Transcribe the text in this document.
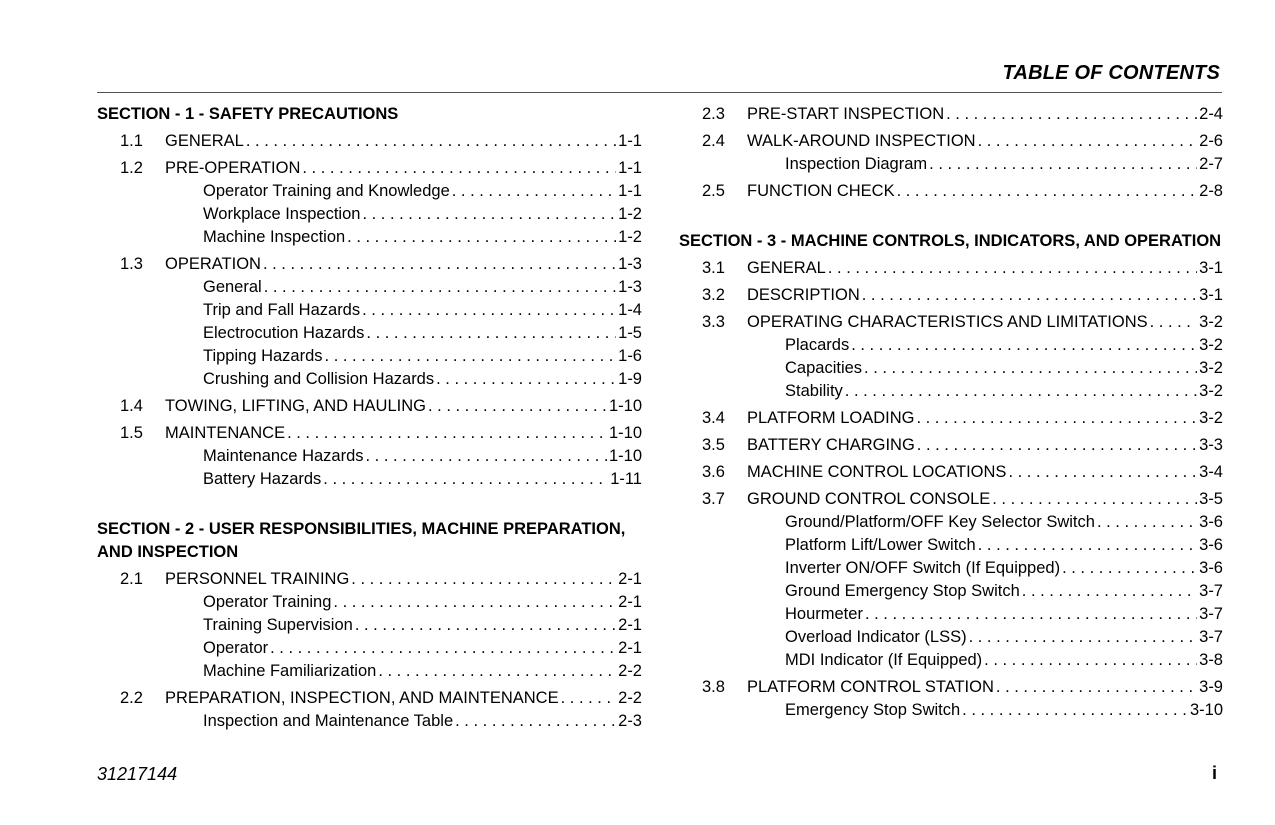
TABLE OF CONTENTS
SECTION - 1 - SAFETY PRECAUTIONS
1.1	GENERAL . . .	1-1
1.2	PRE-OPERATION . . .	1-1
Operator Training and Knowledge . . .	1-1
Workplace Inspection . . .	1-2
Machine Inspection . . .	1-2
1.3	OPERATION . . .	1-3
General . . .	1-3
Trip and Fall Hazards . . .	1-4
Electrocution Hazards . . .	1-5
Tipping Hazards . . .	1-6
Crushing and Collision Hazards . . .	1-9
1.4	TOWING, LIFTING, AND HAULING . . .	1-10
1.5	MAINTENANCE . . .	1-10
Maintenance Hazards . . .	1-10
Battery Hazards . . .	1-11
SECTION - 2 - USER RESPONSIBILITIES, MACHINE PREPARATION, AND INSPECTION
2.1	PERSONNEL TRAINING . . .	2-1
Operator Training . . .	2-1
Training Supervision . . .	2-1
Operator . . .	2-1
Machine Familiarization . . .	2-2
2.2	PREPARATION, INSPECTION, AND MAINTENANCE . . .	2-2
Inspection and Maintenance Table . . .	2-3
2.3	PRE-START INSPECTION . . .	2-4
2.4	WALK-AROUND INSPECTION . . .	2-6
Inspection Diagram . . .	2-7
2.5	FUNCTION CHECK . . .	2-8
SECTION - 3 - MACHINE CONTROLS, INDICATORS, AND OPERATION
3.1	GENERAL . . .	3-1
3.2	DESCRIPTION . . .	3-1
3.3	OPERATING CHARACTERISTICS AND LIMITATIONS . . .	3-2
Placards . . .	3-2
Capacities . . .	3-2
Stability . . .	3-2
3.4	PLATFORM LOADING . . .	3-2
3.5	BATTERY CHARGING . . .	3-3
3.6	MACHINE CONTROL LOCATIONS . . .	3-4
3.7	GROUND CONTROL CONSOLE . . .	3-5
Ground/Platform/OFF Key Selector Switch . . .	3-6
Platform Lift/Lower Switch . . .	3-6
Inverter ON/OFF Switch (If Equipped) . . .	3-6
Ground Emergency Stop Switch . . .	3-7
Hourmeter . . .	3-7
Overload Indicator (LSS) . . .	3-7
MDI Indicator (If Equipped) . . .	3-8
3.8	PLATFORM CONTROL STATION . . .	3-9
Emergency Stop Switch . . .	3-10
31217144	i
